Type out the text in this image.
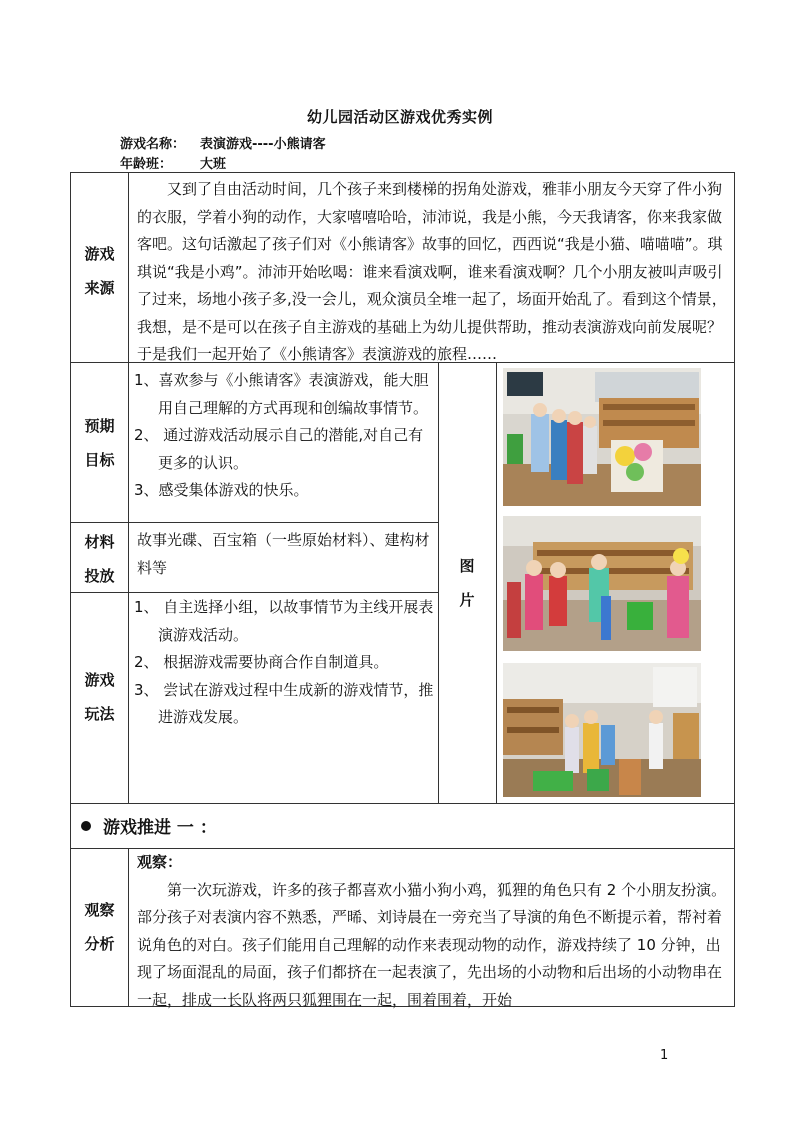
幼儿园活动区游戏优秀实例
游戏名称： 表演游戏----小熊请客
年龄班： 大班
游戏
来源

又到了自由活动时间，几个孩子来到楼梯的拐角处游戏，雅菲小朋友今天穿了件小狗的衣服，学着小狗的动作，大家嘻嘻哈哈，沛沛说，我是小熊，今天我请客，你来我家做客吧。这句话激起了孩子们对《小熊请客》故事的回忆，西西说“我是小猫、喵喵喵”。琪琪说“我是小鸡”。沛沛开始吆喝：谁来看演戏啊，谁来看演戏啊？几个小朋友被叫声吸引了过来，场地小孩子多,没一会儿，观众演员全堆一起了，场面开始乱了。看到这个情景，我想，是不是可以在孩子自主游戏的基础上为幼儿提供帮助，推动表演游戏向前发展呢？于是我们一起开始了《小熊请客》表演游戏的旅程……

预期
目标

1、喜欢参与《小熊请客》表演游戏，能大胆用自己理解的方式再现和创编故事情节。

2、 通过游戏活动展示自己的潜能,对自己有更多的认识。

3、感受集体游戏的快乐。

材料
投放

故事光碟、百宝箱（一些原始材料）、建构材料等

游戏
玩法

1、 自主选择小组，以故事情节为主线开展表演游戏活动。

2、 根据游戏需要协商合作自制道具。

3、 尝试在游戏过程中生成新的游戏情节，推进游戏发展。

图
片
游戏推进 一 ：
观察
分析
观察：

第一次玩游戏，许多的孩子都喜欢小猫小狗小鸡，狐狸的角色只有 2 个小朋友扮演。部分孩子对表演内容不熟悉，严晞、刘诗晨在一旁充当了导演的角色不断提示着，帮衬着说角色的对白。孩子们能用自己理解的动作来表现动物的动作，游戏持续了 10 分钟，出现了场面混乱的局面，孩子们都挤在一起表演了，先出场的小动物和后出场的小动物串在一起，排成一长队将两只狐狸围在一起，围着围着，开始

1
